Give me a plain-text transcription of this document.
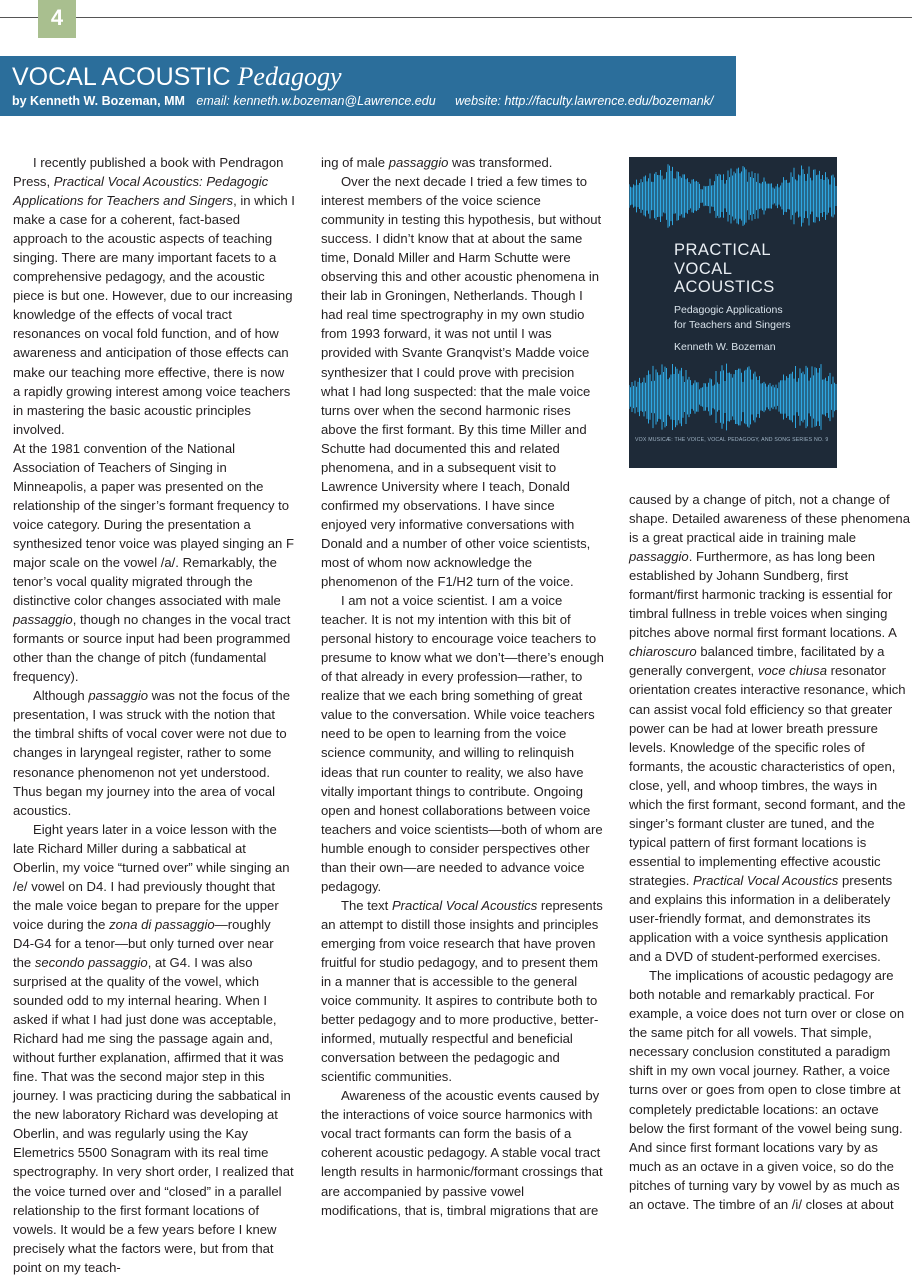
4
VOCAL ACOUSTIC Pedagogy
by Kenneth W. Bozeman, MM email: kenneth.w.bozeman@Lawrence.edu website: http://faculty.lawrence.edu/bozemank/

I recently published a book with Pendragon Press, Practical Vocal Acoustics: Pedagogic Applications for Teachers and Singers, in which I make a case for a coherent, fact-based approach to the acoustic aspects of teaching singing. There are many important facets to a comprehensive pedagogy, and the acoustic piece is but one. However, due to our increasing knowledge of the effects of vocal tract resonances on vocal fold function, and of how awareness and anticipation of those effects can make our teaching more effective, there is now a rapidly growing interest among voice teachers in mastering the basic acoustic principles involved.

At the 1981 convention of the National Association of Teachers of Singing in Minneapolis, a paper was presented on the relationship of the singer’s formant frequency to voice category. During the presentation a synthesized tenor voice was played singing an F major scale on the vowel /a/. Remarkably, the tenor’s vocal quality migrated through the distinctive color changes associated with male passaggio, though no changes in the vocal tract formants or source input had been programmed other than the change of pitch (fundamental frequency).

Although passaggio was not the focus of the presentation, I was struck with the notion that the timbral shifts of vocal cover were not due to changes in laryngeal register, rather to some resonance phenomenon not yet understood. Thus began my journey into the area of vocal acoustics.

Eight years later in a voice lesson with the late Richard Miller during a sabbatical at Oberlin, my voice “turned over” while singing an /e/ vowel on D4. I had previously thought that the male voice began to prepare for the upper voice during the zona di passaggio—roughly D4-G4 for a tenor—but only turned over near the secondo passaggio, at G4. I was also surprised at the quality of the vowel, which sounded odd to my internal hearing. When I asked if what I had just done was acceptable, Richard had me sing the passage again and, without further explanation, affirmed that it was fine. That was the second major step in this journey. I was practicing during the sabbatical in the new laboratory Richard was developing at Oberlin, and was regularly using the Kay Elemetrics 5500 Sonagram with its real time spectrography. In very short order, I realized that the voice turned over and “closed” in a parallel relationship to the first formant locations of vowels. It would be a few years before I knew precisely what the factors were, but from that point on my teach-

ing of male passaggio was transformed.

Over the next decade I tried a few times to interest members of the voice science community in testing this hypothesis, but without success. I didn’t know that at about the same time, Donald Miller and Harm Schutte were observing this and other acoustic phenomena in their lab in Groningen, Netherlands. Though I had real time spectrography in my own studio from 1993 forward, it was not until I was provided with Svante Granqvist’s Madde voice synthesizer that I could prove with precision what I had long suspected: that the male voice turns over when the second harmonic rises above the first formant. By this time Miller and Schutte had documented this and related phenomena, and in a subsequent visit to Lawrence University where I teach, Donald confirmed my observations. I have since enjoyed very informative conversations with Donald and a number of other voice scientists, most of whom now acknowledge the phenomenon of the F1/H2 turn of the voice.

I am not a voice scientist. I am a voice teacher. It is not my intention with this bit of personal history to encourage voice teachers to presume to know what we don’t—there’s enough of that already in every profession—rather, to realize that we each bring something of great value to the conversation. While voice teachers need to be open to learning from the voice science community, and willing to relinquish ideas that run counter to reality, we also have vitally important things to contribute. Ongoing open and honest collaborations between voice teachers and voice scientists—both of whom are humble enough to consider perspectives other than their own—are needed to advance voice pedagogy.

The text Practical Vocal Acoustics represents an attempt to distill those insights and principles emerging from voice research that have proven fruitful for studio pedagogy, and to present them in a manner that is accessible to the general voice community. It aspires to contribute both to better pedagogy and to more productive, better-informed, mutually respectful and beneficial conversation between the pedagogic and scientific communities.

Awareness of the acoustic events caused by the interactions of voice source harmonics with vocal tract formants can form the basis of a coherent acoustic pedagogy. A stable vocal tract length results in harmonic/formant crossings that are accompanied by passive vowel modifications, that is, timbral migrations that are

PRACTICAL
VOCAL
ACOUSTICS
Pedagogic Applications
for Teachers and Singers
Kenneth W. Bozeman
VOX MUSICÆ: THE VOICE, VOCAL PEDAGOGY, AND SONG SERIES NO. 9

caused by a change of pitch, not a change of shape. Detailed awareness of these phenomena is a great practical aide in training male passaggio. Furthermore, as has long been established by Johann Sundberg, first formant/first harmonic tracking is essential for timbral fullness in treble voices when singing pitches above normal first formant locations. A chiaroscuro balanced timbre, facilitated by a generally convergent, voce chiusa resonator orientation creates interactive resonance, which can assist vocal fold efficiency so that greater power can be had at lower breath pressure levels. Knowledge of the specific roles of formants, the acoustic characteristics of open, close, yell, and whoop timbres, the ways in which the first formant, second formant, and the singer’s formant cluster are tuned, and the typical pattern of first formant locations is essential to implementing effective acoustic strategies. Practical Vocal Acoustics presents and explains this information in a deliberately user-friendly format, and demonstrates its application with a voice synthesis application and a DVD of student-performed exercises.

The implications of acoustic pedagogy are both notable and remarkably practical. For example, a voice does not turn over or close on the same pitch for all vowels. That simple, necessary conclusion constituted a paradigm shift in my own vocal journey. Rather, a voice turns over or goes from open to close timbre at completely predictable locations: an octave below the first formant of the vowel being sung. And since first formant locations vary by as much as an octave in a given voice, so do the pitches of turning vary by vowel by as much as an octave. The timbre of an /i/ closes at about
